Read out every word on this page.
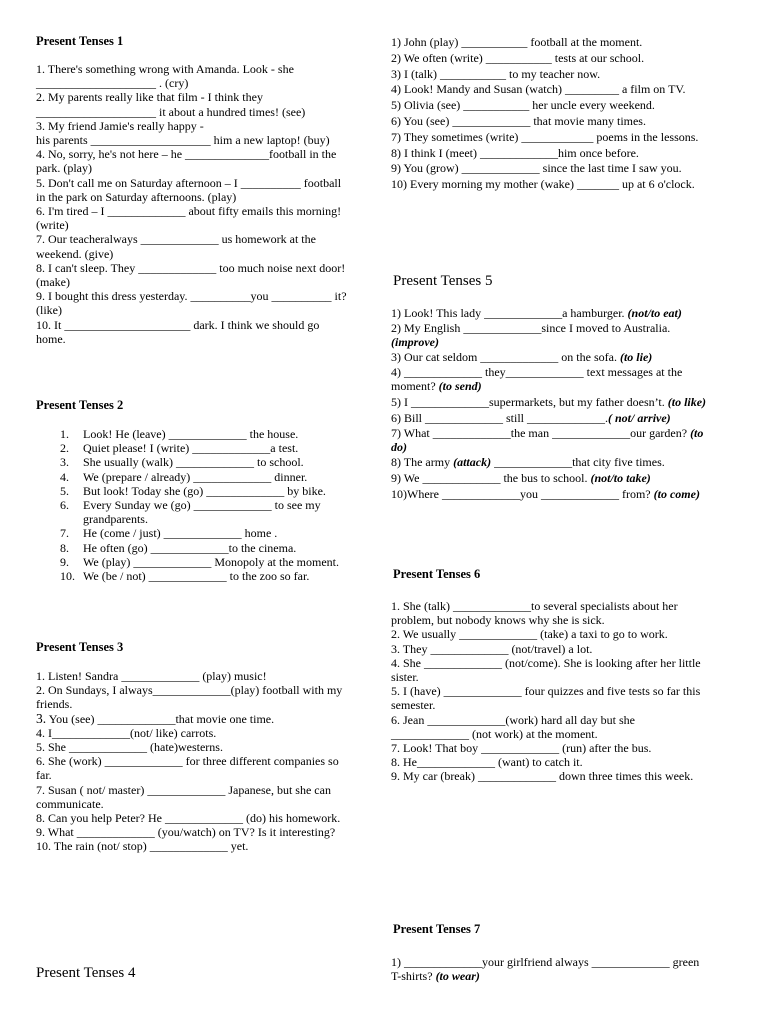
Present Tenses 1

1. There's something wrong with Amanda. Look - she

____________________ . (cry)

2. My parents really like that film - I think they

____________________ it about a hundred times! (see)

3. My friend Jamie's really happy -

his parents ____________________ him a new laptop! (buy)

4. No, sorry, he's not here – he ______________football in the

park. (play)

5. Don't call me on Saturday afternoon – I __________ football

in the park on Saturday afternoons. (play)

6. I'm tired – I _____________ about fifty emails this morning!

(write)

7. Our teacheralways _____________ us homework at the

weekend. (give)

8. I can't sleep. They _____________ too much noise next door!

(make)

9. I bought this dress yesterday. __________you __________ it?

(like)

10. It _____________________ dark. I think we should go

home.

Present Tenses 2
1. Look! He (leave) _____________ the house.
2. Quiet please! I (write) _____________a test.
3. She usually (walk) _____________ to school.
4. We (prepare / already) _____________ dinner.
5. But look! Today she (go) _____________ by bike.
6. Every Sunday we (go) _____________ to see my grandparents.
7. He (come / just) _____________ home .
8. He often (go) _____________to the cinema.
9. We (play) _____________ Monopoly at the moment.
10. We (be / not) _____________ to the zoo so far.
Present Tenses 3

1. Listen! Sandra _____________ (play) music!

2. On Sundays, I always_____________(play) football with my

friends.

3. You (see) _____________that movie one time.

4. I_____________(not/ like) carrots.

5. She _____________ (hate)westerns.

6. She (work) _____________ for three different companies so

far.

7. Susan ( not/ master) _____________ Japanese, but she can

communicate.

8. Can you help Peter? He _____________ (do) his homework.

9. What _____________ (you/watch) on TV? Is it interesting?

10. The rain (not/ stop) _____________ yet.

Present Tenses 4

1) John (play) ___________ football at the moment.

2) We often (write) ___________ tests at our school.

3) I (talk) ___________ to my teacher now.

4) Look! Mandy and Susan (watch) _________ a film on TV.

5) Olivia (see) ___________ her uncle every weekend.

6) You (see) _____________ that movie many times.

7) They sometimes (write) ____________ poems in the lessons.

8) I think I (meet) _____________him once before.

9) You (grow) _____________ since the last time I saw you.

10) Every morning my mother (wake) _______ up at 6 o'clock.

Present Tenses 5

1) Look! This lady _____________a hamburger. (not/to eat)

2) My English _____________since I moved to Australia.

(improve)

3) Our cat seldom _____________ on the sofa. (to lie)

4) _____________ they_____________ text messages at the

moment? (to send)

5) I _____________supermarkets, but my father doesn’t. (to like)

6) Bill _____________ still _____________.( not/ arrive)

7) What _____________the man _____________our garden? (to

do)

8) The army (attack) _____________that city five times.

9) We _____________ the bus to school. (not/to take)

10)Where _____________you _____________ from? (to come)

Present Tenses 6

1. She (talk) _____________to several specialists about her

problem, but nobody knows why she is sick.

2. We usually _____________ (take) a taxi to go to work.

3. They _____________ (not/travel) a lot.

4. She _____________ (not/come). She is looking after her little

sister.

5. I (have) _____________ four quizzes and five tests so far this

semester.

6. Jean _____________(work) hard all day but she

_____________ (not work) at the moment.

7. Look! That boy _____________ (run) after the bus.

8. He_____________ (want) to catch it.

9. My car (break) _____________ down three times this week.

Present Tenses 7

1) _____________your girlfriend always _____________ green

T-shirts? (to wear)
